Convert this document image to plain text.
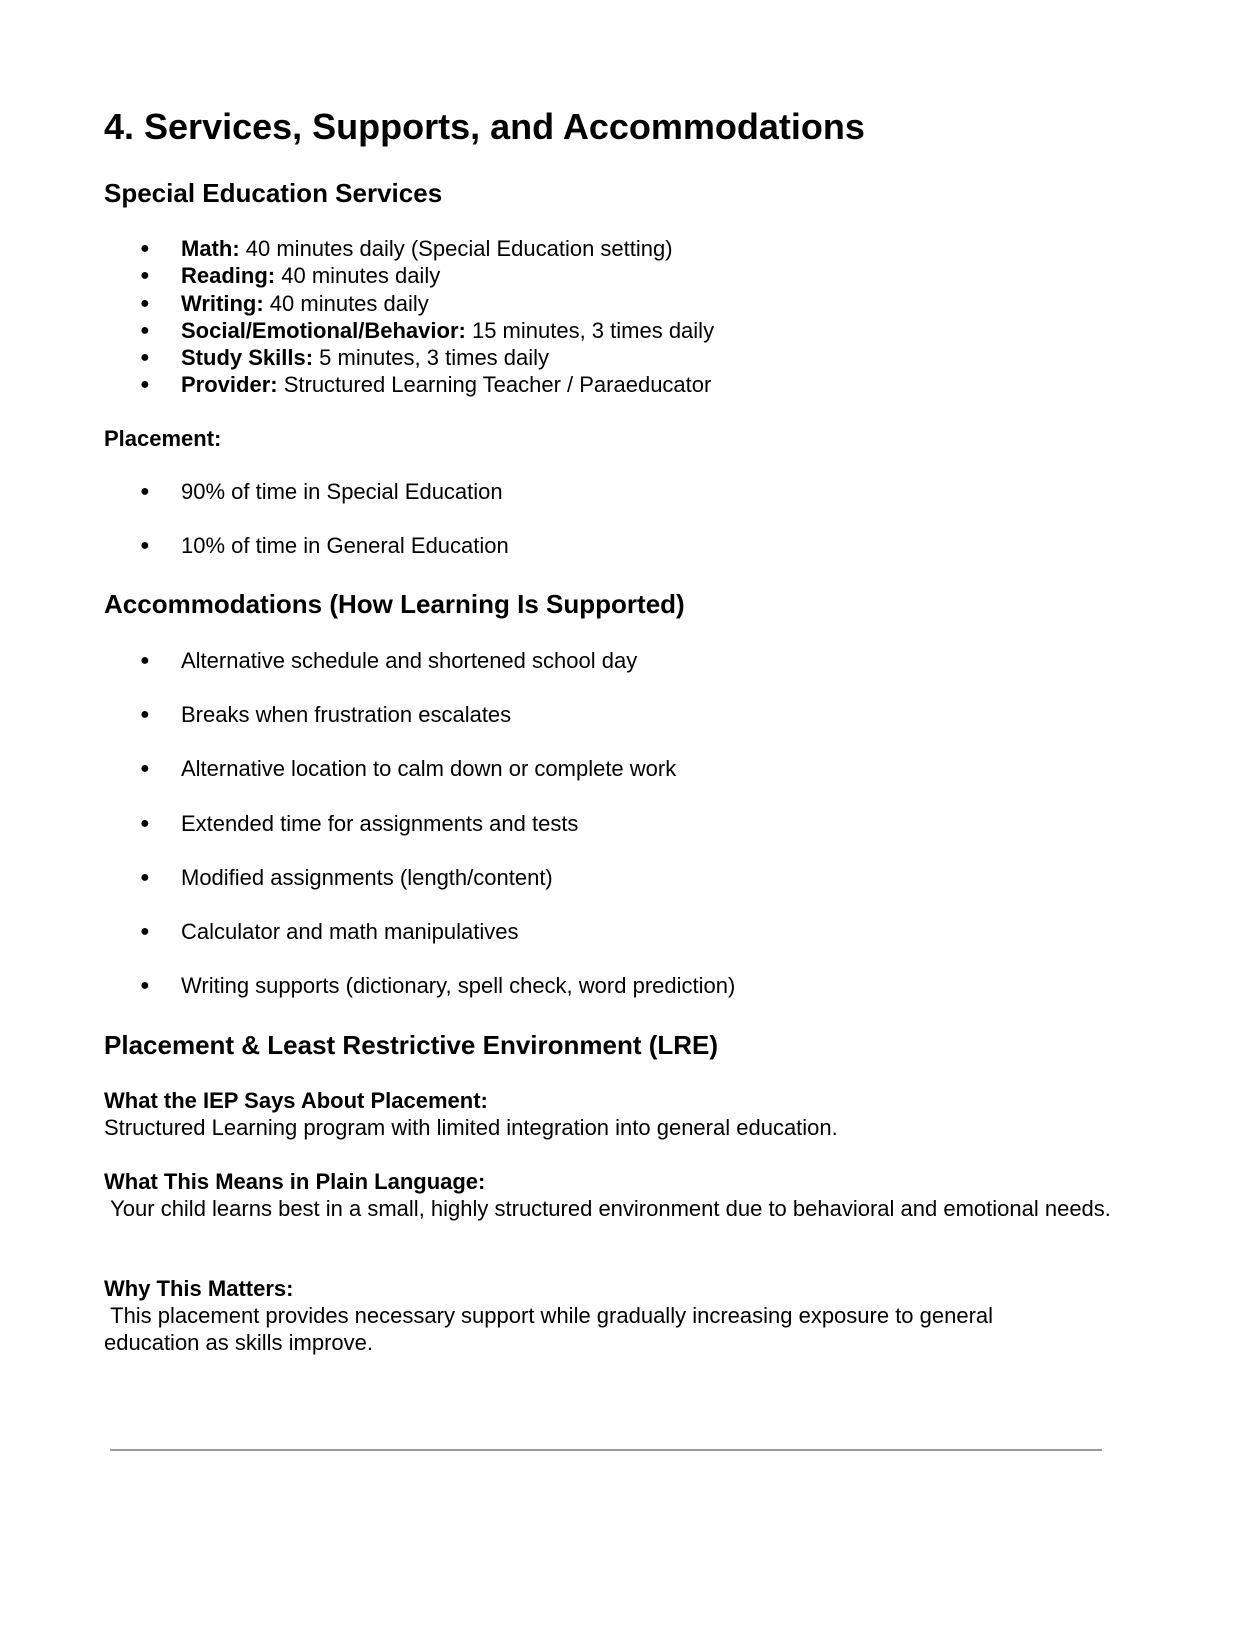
4. Services, Supports, and Accommodations
Special Education Services
● Math: 40 minutes daily (Special Education setting)
● Reading: 40 minutes daily
● Writing: 40 minutes daily
● Social/Emotional/Behavior: 15 minutes, 3 times daily
● Study Skills: 5 minutes, 3 times daily
● Provider: Structured Learning Teacher / Paraeducator
Placement:
● 90% of time in Special Education
● 10% of time in General Education
Accommodations (How Learning Is Supported)
● Alternative schedule and shortened school day
● Breaks when frustration escalates
● Alternative location to calm down or complete work
● Extended time for assignments and tests
● Modified assignments (length/content)
● Calculator and math manipulatives
● Writing supports (dictionary, spell check, word prediction)
Placement & Least Restrictive Environment (LRE)
What the IEP Says About Placement:
Structured Learning program with limited integration into general education.
What This Means in Plain Language:
Your child learns best in a small, highly structured environment due to behavioral and emotional needs.
Why This Matters:
This placement provides necessary support while gradually increasing exposure to general education as skills improve.
